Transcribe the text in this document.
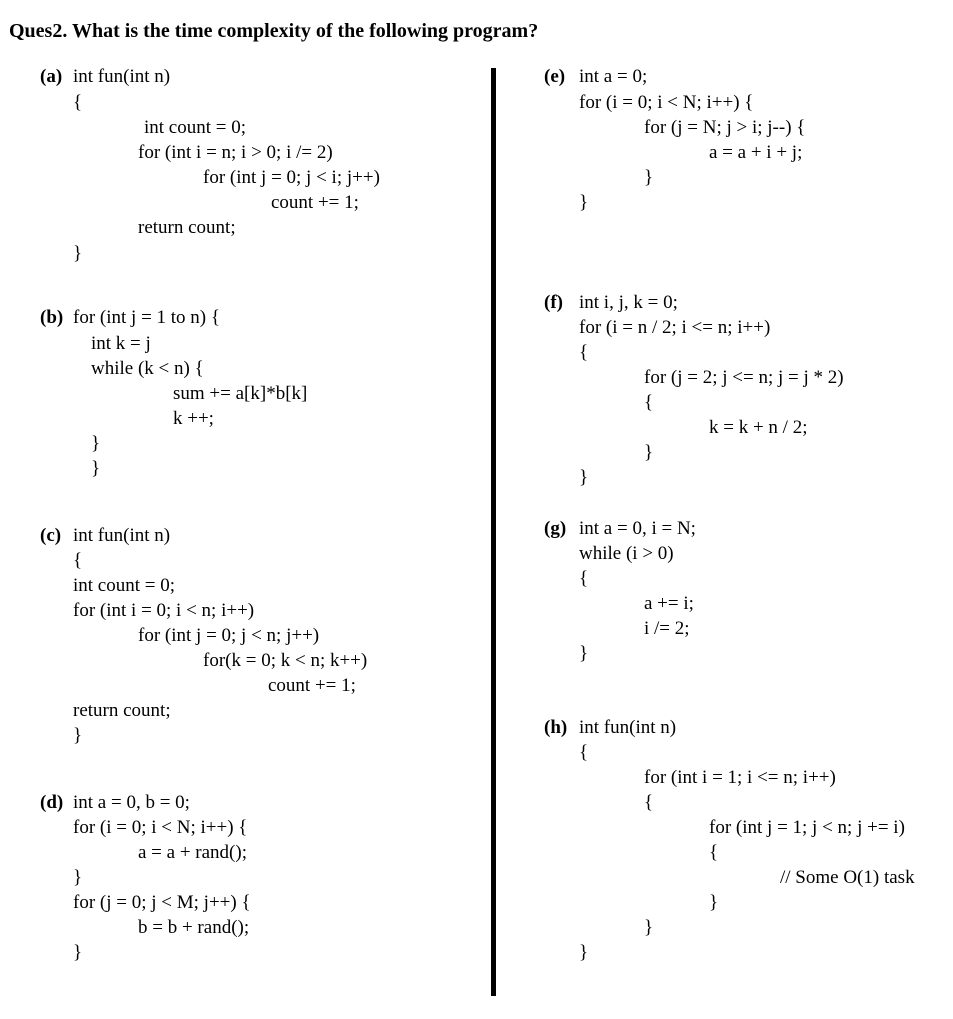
Ques2. What is the time complexity of the following program?
(a) int fun(int n)
{
int count = 0;
for (int i = n; i > 0; i /= 2)
for (int j = 0; j < i; j++)
count += 1;
return count;
}
(b) for (int j = 1 to n) {
int k = j
while (k < n) {
sum += a[k]*b[k]
k ++;
}
}
(c) int fun(int n)
{
int count = 0;
for (int i = 0; i < n; i++)
for (int j = 0; j < n; j++)
for(k = 0; k < n; k++)
count += 1;
return count;
}
(d) int a = 0, b = 0;
for (i = 0; i < N; i++) {
a = a + rand();
}
for (j = 0; j < M; j++) {
b = b + rand();
}
(e) int a = 0;
for (i = 0; i < N; i++) {
for (j = N; j > i; j--) {
a = a + i + j;
}
}
(f) int i, j, k = 0;
for (i = n / 2; i <= n; i++)
{
for (j = 2; j <= n; j = j * 2)
{
k = k + n / 2;
}
}
(g) int a = 0, i = N;
while (i > 0)
{
a += i;
i /= 2;
}
(h) int fun(int n)
{
for (int i = 1; i <= n; i++)
{
for (int j = 1; j < n; j += i)
{
// Some O(1) task
}
}
}
